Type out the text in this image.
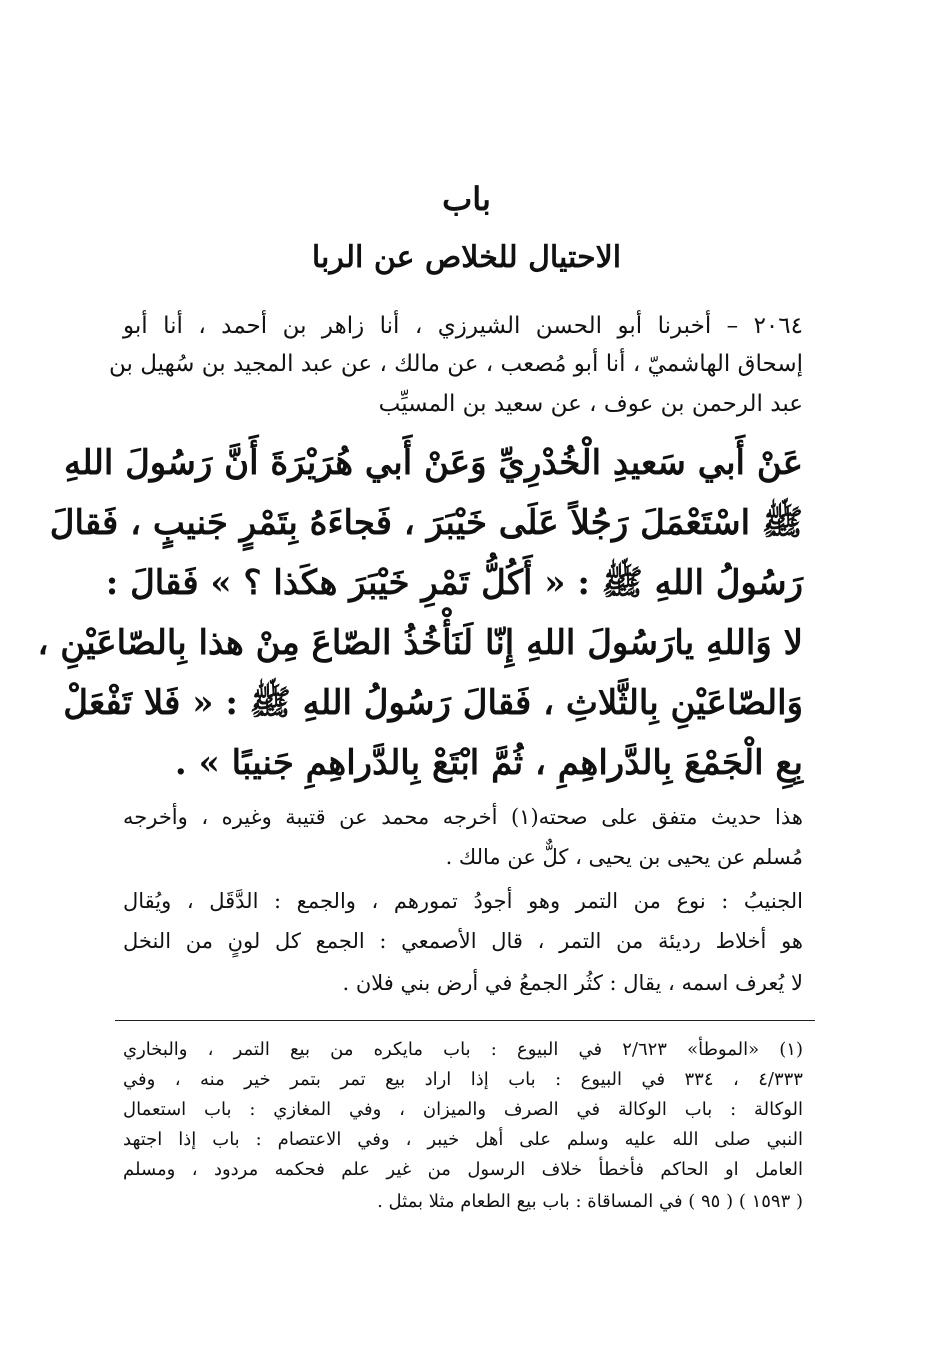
باب
الاحتيال للخلاص عن الربا
٢٠٦٤ – أخبرنا أبو الحسن الشيرزي ، أنا زاهر بن أحمد ، أنا أبو
إسحاق الهاشميّ ، أنا أبو مُصعب ، عن مالك ، عن عبد المجيد بن سُهيل بن
عبد الرحمن بن عوف ، عن سعيد بن المسيِّب
عَنْ أَبي سَعيدِ الْخُدْرِيِّ وَعَنْ أَبي هُرَيْرَةَ أَنَّ رَسُولَ اللهِ
ﷺ اسْتَعْمَلَ رَجُلاً عَلَى خَيْبَرَ ، فَجاءَهُ بِتَمْرٍ جَنيبٍ ، فَقالَ
رَسُولُ اللهِ ﷺ : « أَكُلُّ تَمْرِ خَيْبَرَ هكَذا ؟ » فَقالَ :
لا وَاللهِ يارَسُولَ اللهِ إِنّا لَنَأْخُذُ الصّاعَ مِنْ هذا بِالصّاعَيْنِ ،
وَالصّاعَيْنِ بِالثَّلاثِ ، فَقالَ رَسُولُ اللهِ ﷺ : « فَلا تَفْعَلْ
بِعِ الْجَمْعَ بِالدَّراهِمِ ، ثُمَّ ابْتَعْ بِالدَّراهِمِ جَنيبًا » .
هذا حديث متفق على صحته(١) أخرجه محمد عن قتيبة وغيره ، وأخرجه
مُسلم عن يحيى بن يحيى ، كلٌّ عن مالك .
الجنيبُ : نوع من التمر وهو أجودُ تمورهم ، والجمع : الدَّقَل ، ويُقال
هو أخلاط رديئة من التمر ، قال الأصمعي : الجمع كل لونٍ من النخل
لا يُعرف اسمه ، يقال : كثُر الجمعُ في أرض بني فلان .
(١) «الموطأ» ٢/٦٢٣ في البيوع : باب مايكره من بيع التمر ، والبخاري
٤/٣٣٣ ، ٣٣٤ في البيوع : باب إذا اراد بيع تمر بتمر خير منه ، وفي
الوكالة : باب الوكالة في الصرف والميزان ، وفي المغازي : باب استعمال
النبي صلى الله عليه وسلم على أهل خيبر ، وفي الاعتصام : باب إذا اجتهد
العامل او الحاكم فأخطأ خلاف الرسول من غير علم فحكمه مردود ، ومسلم
( ١٥٩٣ ) ( ٩٥ ) في المساقاة : باب بيع الطعام مثلا بمثل .
